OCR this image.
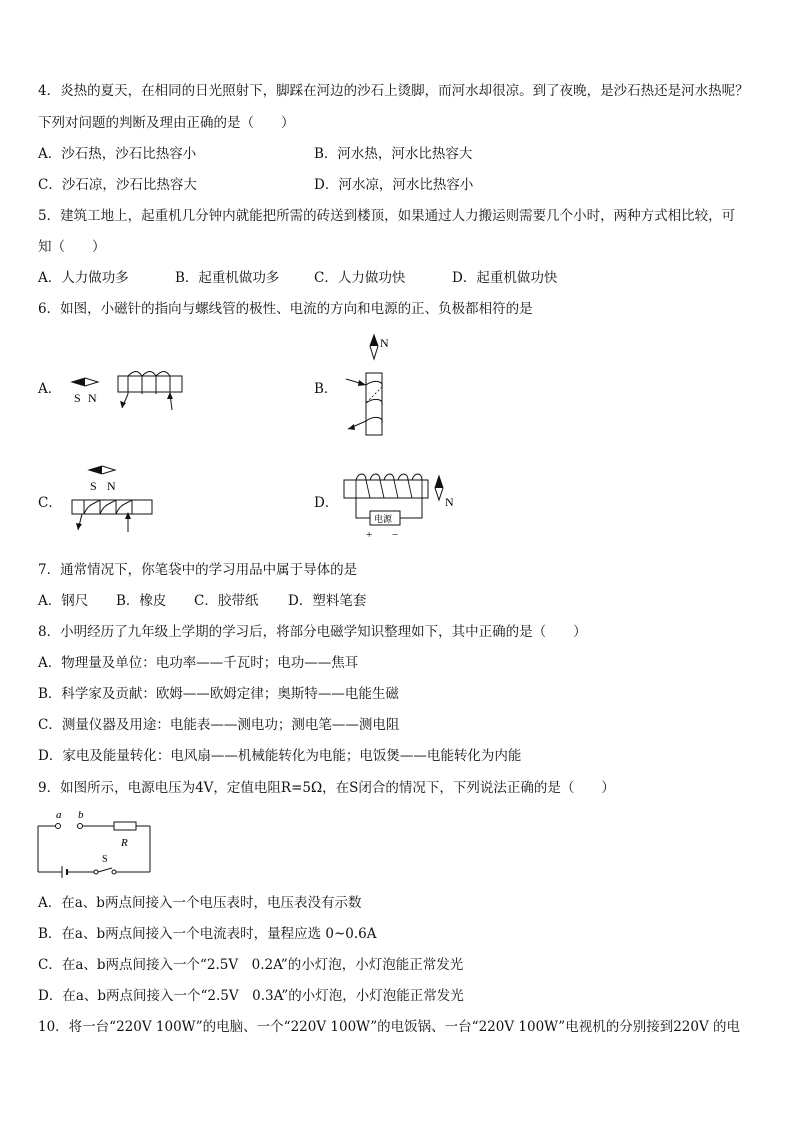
4．炎热的夏天，在相同的日光照射下，脚踩在河边的沙石上烫脚，而河水却很凉。到了夜晚，是沙石热还是河水热呢？
下列对问题的判断及理由正确的是（　　）
A．沙石热，沙石比热容小	B．河水热，河水比热容大
C．沙石凉，沙石比热容大	D．河水凉，河水比热容小
5．建筑工地上，起重机几分钟内就能把所需的砖送到楼顶，如果通过人力搬运则需要几个小时，两种方式相比较，可
知（　　）
A．人力做功多	B．起重机做功多	C．人力做功快	D．起重机做功快
6．如图，小磁针的指向与螺线管的极性、电流的方向和电源的正、负极都相符的是
A．	B．
C．	D．
S N
N
S N
电源
+ −
N
7．通常情况下，你笔袋中的学习用品中属于导体的是
A．钢尺 B．橡皮 C．胶带纸 D．塑料笔套
8．小明经历了九年级上学期的学习后，将部分电磁学知识整理如下，其中正确的是（　　）
A．物理量及单位：电功率——千瓦时；电功——焦耳
B．科学家及贡献：欧姆——欧姆定律；奥斯特——电能生磁
C．测量仪器及用途：电能表——测电功；测电笔——测电阻
D．家电及能量转化：电风扇——机械能转化为电能；电饭煲——电能转化为内能
9．如图所示，电源电压为4V，定值电阻R=5Ω，在S闭合的情况下，下列说法正确的是（　　）
a b
R
S
A．在a、b两点间接入一个电压表时，电压表没有示数
B．在a、b两点间接入一个电流表时，量程应选 0~0.6A
C．在a、b两点间接入一个“2.5V　0.2A”的小灯泡，小灯泡能正常发光
D．在a、b两点间接入一个“2.5V　0.3A”的小灯泡，小灯泡能正常发光
10．将一台“220V 100W”的电脑、一个“220V 100W”的电饭锅、一台“220V 100W”电视机的分别接到220V 的电
